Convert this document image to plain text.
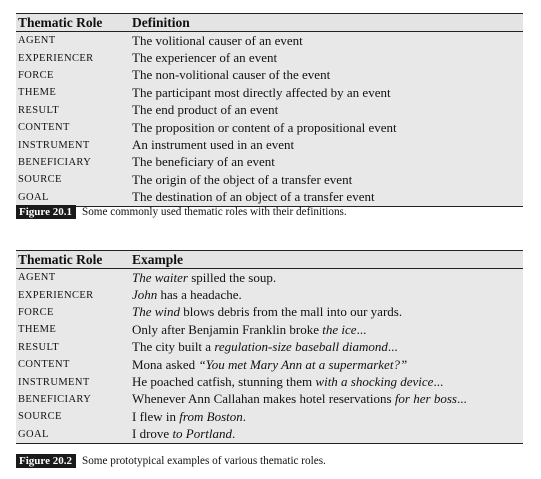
Thematic Role	Definition
AGENT	The volitional causer of an event
EXPERIENCER	The experiencer of an event
FORCE	The non-volitional causer of the event
THEME	The participant most directly affected by an event
RESULT	The end product of an event
CONTENT	The proposition or content of a propositional event
INSTRUMENT	An instrument used in an event
BENEFICIARY	The beneficiary of an event
SOURCE	The origin of the object of a transfer event
GOAL	The destination of an object of a transfer event
Figure 20.1 Some commonly used thematic roles with their definitions.
Thematic Role	Example
AGENT	The waiter spilled the soup.
EXPERIENCER	John has a headache.
FORCE	The wind blows debris from the mall into our yards.
THEME	Only after Benjamin Franklin broke the ice...
RESULT	The city built a regulation-size baseball diamond...
CONTENT	Mona asked “You met Mary Ann at a supermarket?”
INSTRUMENT	He poached catfish, stunning them with a shocking device...
BENEFICIARY	Whenever Ann Callahan makes hotel reservations for her boss...
SOURCE	I flew in from Boston.
GOAL	I drove to Portland.
Figure 20.2 Some prototypical examples of various thematic roles.
